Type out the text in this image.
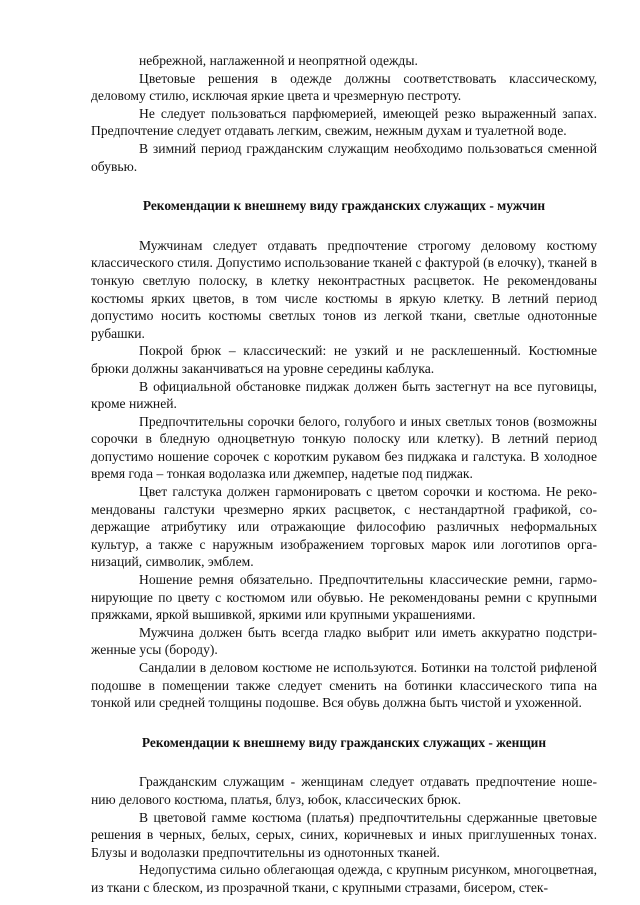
небрежной, наглаженной и неопрятной одежды.

Цветовые решения в одежде должны соответствовать классическому, деловому стилю, исключая яркие цвета и чрезмерную пестроту.

Не следует пользоваться парфюмерией, имеющей резко выраженный запах. Предпочтение следует отдавать легким, свежим, нежным духам и туалетной воде.

В зимний период гражданским служащим необходимо пользоваться сменной обувью.

Рекомендации к внешнему виду гражданских служащих - мужчин

Мужчинам следует отдавать предпочтение строгому деловому костюму классического стиля. Допустимо использование тканей с фактурой (в елочку), тканей в тонкую светлую полоску, в клетку неконтрастных расцветок. Не рекомендованы костюмы ярких цветов, в том числе костюмы в яркую клетку. В летний период допустимо носить костюмы светлых тонов из легкой ткани, светлые однотонные рубашки.

Покрой брюк – классический: не узкий и не расклешенный. Костюмные брюки должны заканчиваться на уровне середины каблука.

В официальной обстановке пиджак должен быть застегнут на все пуговицы, кроме нижней.

Предпочтительны сорочки белого, голубого и иных светлых тонов (возможны сорочки в бледную одноцветную тонкую полоску или клетку). В летний период допустимо ношение сорочек с коротким рукавом без пиджака и галстука. В холодное время года – тонкая водолазка или джемпер, надетые под пиджак.

Цвет галстука должен гармонировать с цветом сорочки и костюма. Не рекомендованы галстуки чрезмерно ярких расцветок, с нестандартной графикой, содержащие атрибутику или отражающие философию различных неформальных культур, а также с наружным изображением торговых марок или логотипов организаций, символик, эмблем.

Ношение ремня обязательно. Предпочтительны классические ремни, гармонирующие по цвету с костюмом или обувью. Не рекомендованы ремни с крупными пряжками, яркой вышивкой, яркими или крупными украшениями.

Мужчина должен быть всегда гладко выбрит или иметь аккуратно подстриженные усы (бороду).

Сандалии в деловом костюме не используются. Ботинки на толстой рифленой подошве в помещении также следует сменить на ботинки классического типа на тонкой или средней толщины подошве. Вся обувь должна быть чистой и ухоженной.

Рекомендации к внешнему виду гражданских служащих - женщин

Гражданским служащим - женщинам следует отдавать предпочтение ношению делового костюма, платья, блуз, юбок, классических брюк.

В цветовой гамме костюма (платья) предпочтительны сдержанные цветовые решения в черных, белых, серых, синих, коричневых и иных приглушенных тонах. Блузы и водолазки предпочтительны из однотонных тканей.

Недопустима сильно облегающая одежда, с крупным рисунком, многоцветная, из ткани с блеском, из прозрачной ткани, с крупными стразами, бисером, стек-
